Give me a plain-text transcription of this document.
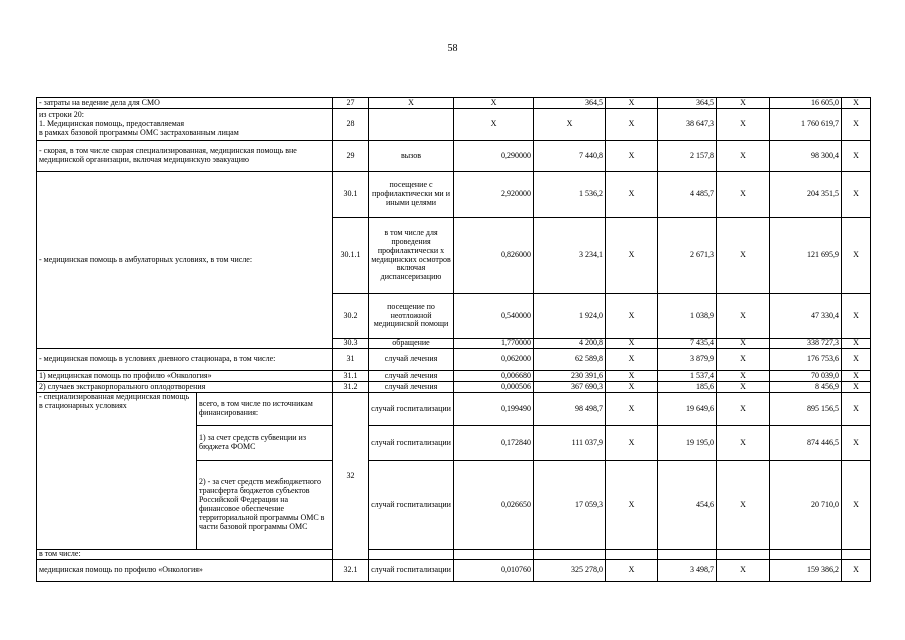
58
- затраты на ведение дела для СМО		27	Х	Х	364,5	Х	364,5	Х	16 605,0	Х

из строки 20:
1. Медицинская помощь, предоставляемая
в рамках базовой программы ОМС застрахованным лицам		28		Х	Х	Х	38 647,3	Х	1 760 619,7	Х
- скорая, в том числе скорая специализированная, медицинская помощь вне медицинской организации, включая медицинскую эвакуацию		29	вызов	0,290000	7 440,8	Х	2 157,8	Х	98 300,4	Х
- медицинская помощь в амбулаторных условиях, в том числе:		30.1	посещение с профилактически ми и иными целями	2,920000	1 536,2	Х	4 485,7	Х	204 351,5	Х
		30.1.1	в том числе для проведения профилактически х медицинских осмотров включая диспансеризацию	0,826000	3 234,1	Х	2 671,3	Х	121 695,9	Х
		30.2	посещение по неотложной медицинской помощи	0,540000	1 924,0	Х	1 038,9	Х	47 330,4	Х
		30.3	обращение	1,770000	4 200,8	Х	7 435,4	Х	338 727,3	Х
- медицинская помощь в условиях дневного стационара, в том числе:		31	случай лечения	0,062000	62 589,8	Х	3 879,9	Х	176 753,6	Х
1) медицинская помощь по профилю «Онкология»		31.1	случай лечения	0,006680	230 391,6	Х	1 537,4	Х	70 039,0	Х
2) случаев экстракорпорального оплодотворения		31.2	случай лечения	0,000506	367 690,3	Х	185,6	Х	8 456,9	Х
- специализированная медицинская помощь в стационарных условиях	всего, в том числе по источникам финансирования:	32	случай госпитализации	0,199490	98 498,7	Х	19 649,6	Х	895 156,5	Х
	1) за счет средств субвенции из бюджета ФОМС		случай госпитализации	0,172840	111 037,9	Х	19 195,0	Х	874 446,5	Х
	2) - за счет средств межбюджетного трансферта бюджетов субъектов Российской Федерации на финансовое обеспечение территориальной программы ОМС в части базовой программы ОМС		случай госпитализации	0,026650	17 059,3	Х	454,6	Х	20 710,0	Х
в том числе:										
медицинская помощь по профилю «Онкология»		32.1	случай госпитализации	0,010760	325 278,0	Х	3 498,7	Х	159 386,2	Х
